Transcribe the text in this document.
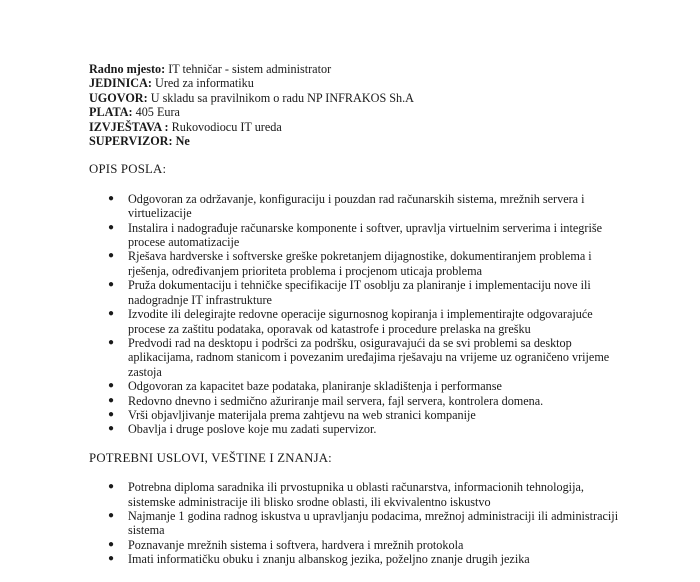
Radno mjesto: IT tehničar - sistem administrator
JEDINICA: Ured za informatiku
UGOVOR: U skladu sa pravilnikom o radu NP INFRAKOS Sh.A
PLATA: 405 Eura
IZVJEŠTAVA : Rukovodiocu IT ureda
SUPERVIZOR: Ne
OPIS POSLA:
● Odgovoran za održavanje, konfiguraciju i pouzdan rad računarskih sistema, mrežnih servera i virtuelizacije
● Instalira i nadograđuje računarske komponente i softver, upravlja virtuelnim serverima i integriše procese automatizacije
● Rješava hardverske i softverske greške pokretanjem dijagnostike, dokumentiranjem problema i rješenja, određivanjem prioriteta problema i procjenom uticaja problema
● Pruža dokumentaciju i tehničke specifikacije IT osoblju za planiranje i implementaciju nove ili nadogradnje IT infrastrukture
● Izvodite ili delegirajte redovne operacije sigurnosnog kopiranja i implementirajte odgovarajuće procese za zaštitu podataka, oporavak od katastrofe i procedure prelaska na grešku
● Predvodi rad na desktopu i podršci za podršku, osiguravajući da se svi problemi sa desktop aplikacijama, radnom stanicom i povezanim uređajima rješavaju na vrijeme uz ograničeno vrijeme zastoja
● Odgovoran za kapacitet baze podataka, planiranje skladištenja i performanse
● Redovno dnevno i sedmično ažuriranje mail servera, fajl servera, kontrolera domena.
● Vrši objavljivanje materijala prema zahtjevu na web stranici kompanije
● Obavlja i druge poslove koje mu zadati supervizor.
POTREBNI USLOVI, VEŠTINE I ZNANJA:
● Potrebna diploma saradnika ili prvostupnika u oblasti računarstva, informacionih tehnologija, sistemske administracije ili blisko srodne oblasti, ili ekvivalentno iskustvo
● Najmanje 1 godina radnog iskustva u upravljanju podacima, mrežnoj administraciji ili administraciji sistema
● Poznavanje mrežnih sistema i softvera, hardvera i mrežnih protokola
● Imati informatičku obuku i znanju albanskog jezika, poželjno znanje drugih jezika
